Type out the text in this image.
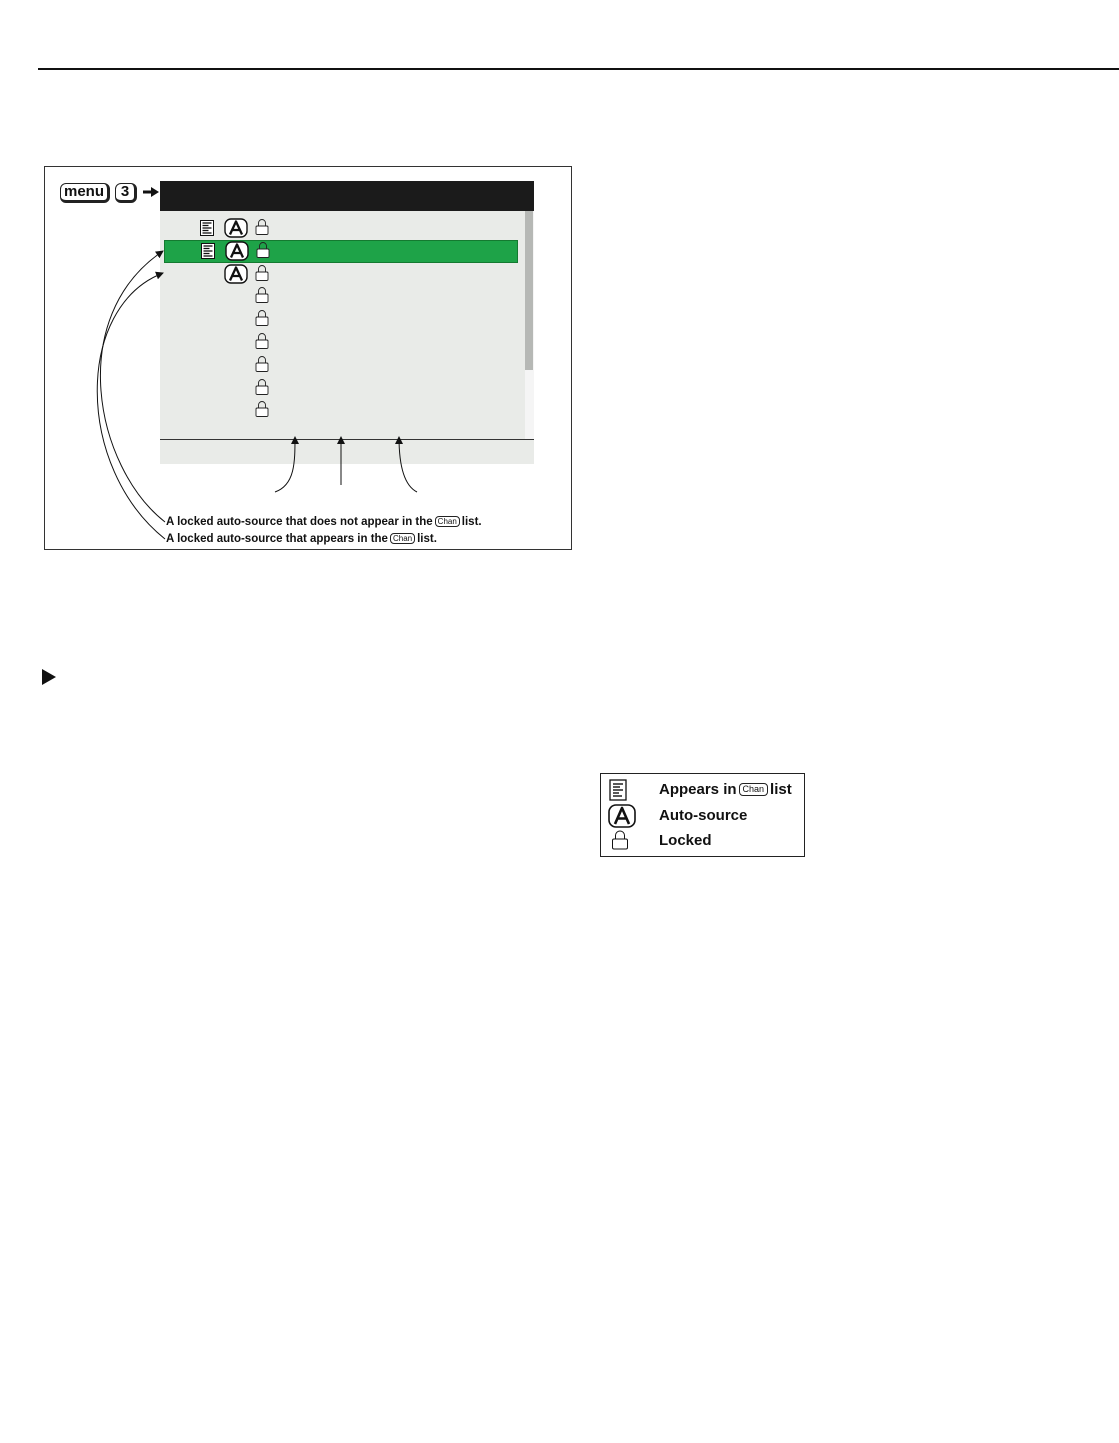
menu	3
A locked auto-source that does not appear in the Chan list.
A locked auto-source that appears in the Chan list.
Appears in Chan list
Auto-source
Locked
